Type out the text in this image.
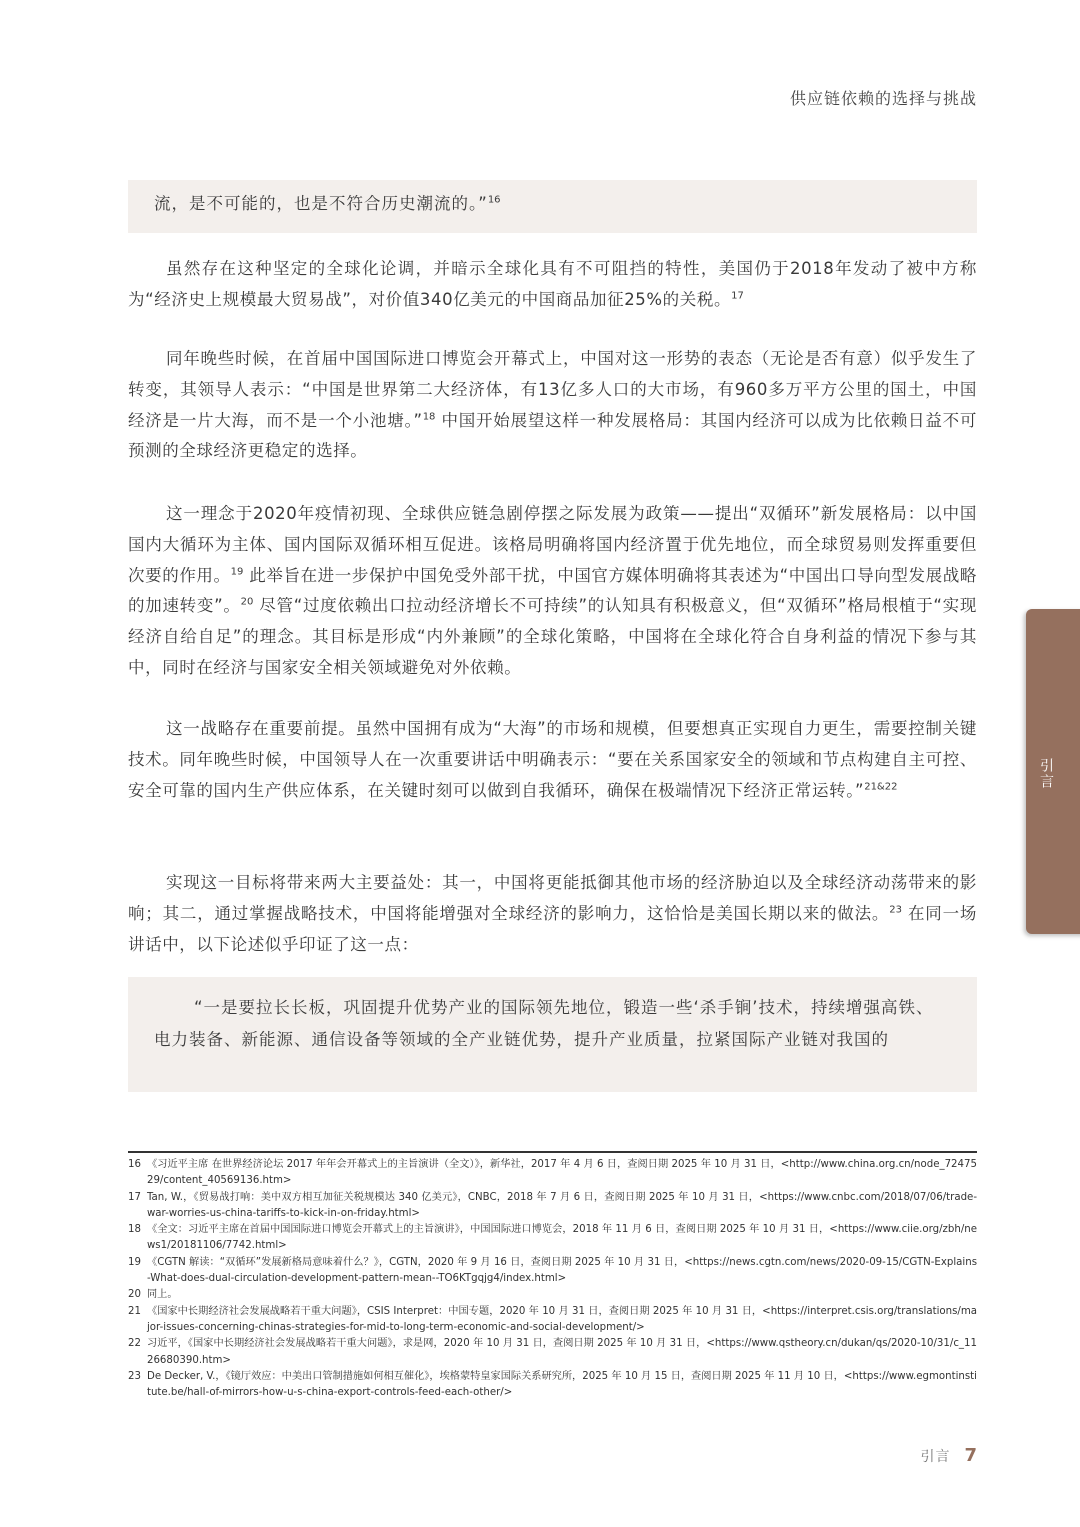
供应链依赖的选择与挑战
流，是不可能的，也是不符合历史潮流的。”$^{16}$

虽然存在这种坚定的全球化论调，并暗示全球化具有不可阻挡的特性，美国仍于2018年发动了被中方称为“经济史上规模最大贸易战”，对价值340亿美元的中国商品加征25%的关税。$^{17}$

同年晚些时候，在首届中国国际进口博览会开幕式上，中国对这一形势的表态（无论是否有意）似乎发生了转变，其领导人表示：“中国是世界第二大经济体，有13亿多人口的大市场，有960多万平方公里的国土，中国经济是一片大海，而不是一个小池塘。”$^{18}$ 中国开始展望这样一种发展格局：其国内经济可以成为比依赖日益不可预测的全球经济更稳定的选择。

这一理念于2020年疫情初现、全球供应链急剧停摆之际发展为政策——提出“双循环”新发展格局：以中国国内大循环为主体、国内国际双循环相互促进。该格局明确将国内经济置于优先地位，而全球贸易则发挥重要但次要的作用。$^{19}$ 此举旨在进一步保护中国免受外部干扰，中国官方媒体明确将其表述为“中国出口导向型发展战略的加速转变”。$^{20}$ 尽管“过度依赖出口拉动经济增长不可持续”的认知具有积极意义，但“双循环”格局根植于“实现经济自给自足”的理念。其目标是形成“内外兼顾”的全球化策略，中国将在全球化符合自身利益的情况下参与其中，同时在经济与国家安全相关领域避免对外依赖。

这一战略存在重要前提。虽然中国拥有成为“大海”的市场和规模，但要想真正实现自力更生，需要控制关键技术。同年晚些时候，中国领导人在一次重要讲话中明确表示：“要在关系国家安全的领域和节点构建自主可控、安全可靠的国内生产供应体系，在关键时刻可以做到自我循环，确保在极端情况下经济正常运转。”$^{21\&22}$

实现这一目标将带来两大主要益处：其一，中国将更能抵御其他市场的经济胁迫以及全球经济动荡带来的影响；其二，通过掌握战略技术，中国将能增强对全球经济的影响力，这恰恰是美国长期以来的做法。$^{23}$ 在同一场讲话中，以下论述似乎印证了这一点：

“一是要拉长长板，巩固提升优势产业的国际领先地位，锻造一些‘杀手锏’技术，持续增强高铁、电力装备、新能源、通信设备等领域的全产业链优势，提升产业质量，拉紧国际产业链对我国的
引言

16 《习近平主席 在世界经济论坛 2017 年年会开幕式上的主旨演讲（全文）》，新华社，2017 年 4 月 6 日，查阅日期 2025 年 10 月 31 日，<http://www.china.org.cn/node_7247529/content_40569136.htm>

17 Tan, W.，《贸易战打响：美中双方相互加征关税规模达 340 亿美元》，CNBC，2018 年 7 月 6 日，查阅日期 2025 年 10 月 31 日，<https://www.cnbc.com/2018/07/06/trade-war-worries-us-china-tariffs-to-kick-in-on-friday.html>

18 《全文：习近平主席在首届中国国际进口博览会开幕式上的主旨演讲》，中国国际进口博览会，2018 年 11 月 6 日，查阅日期 2025 年 10 月 31 日，<https://www.ciie.org/zbh/news1/20181106/7742.html>

19 《CGTN 解读：“双循环”发展新格局意味着什么？》，CGTN，2020 年 9 月 16 日，查阅日期 2025 年 10 月 31 日，<https://news.cgtn.com/news/2020-09-15/CGTN-Explains-What-does-dual-circulation-development-pattern-mean--TO6KTgqjg4/index.html>

20 同上。

21 《国家中长期经济社会发展战略若干重大问题》，CSIS Interpret：中国专题，2020 年 10 月 31 日，查阅日期 2025 年 10 月 31 日，<https://interpret.csis.org/translations/major-issues-concerning-chinas-strategies-for-mid-to-long-term-economic-and-social-development/>

22 习近平，《国家中长期经济社会发展战略若干重大问题》，求是网，2020 年 10 月 31 日，查阅日期 2025 年 10 月 31 日，<https://www.qstheory.cn/dukan/qs/2020-10/31/c_1126680390.htm>

23 De Decker, V.，《镜厅效应：中美出口管制措施如何相互催化》，埃格蒙特皇家国际关系研究所，2025 年 10 月 15 日，查阅日期 2025 年 11 月 10 日，<https://www.egmontinstitute.be/hall-of-mirrors-how-u-s-china-export-controls-feed-each-other/>

引言 7
